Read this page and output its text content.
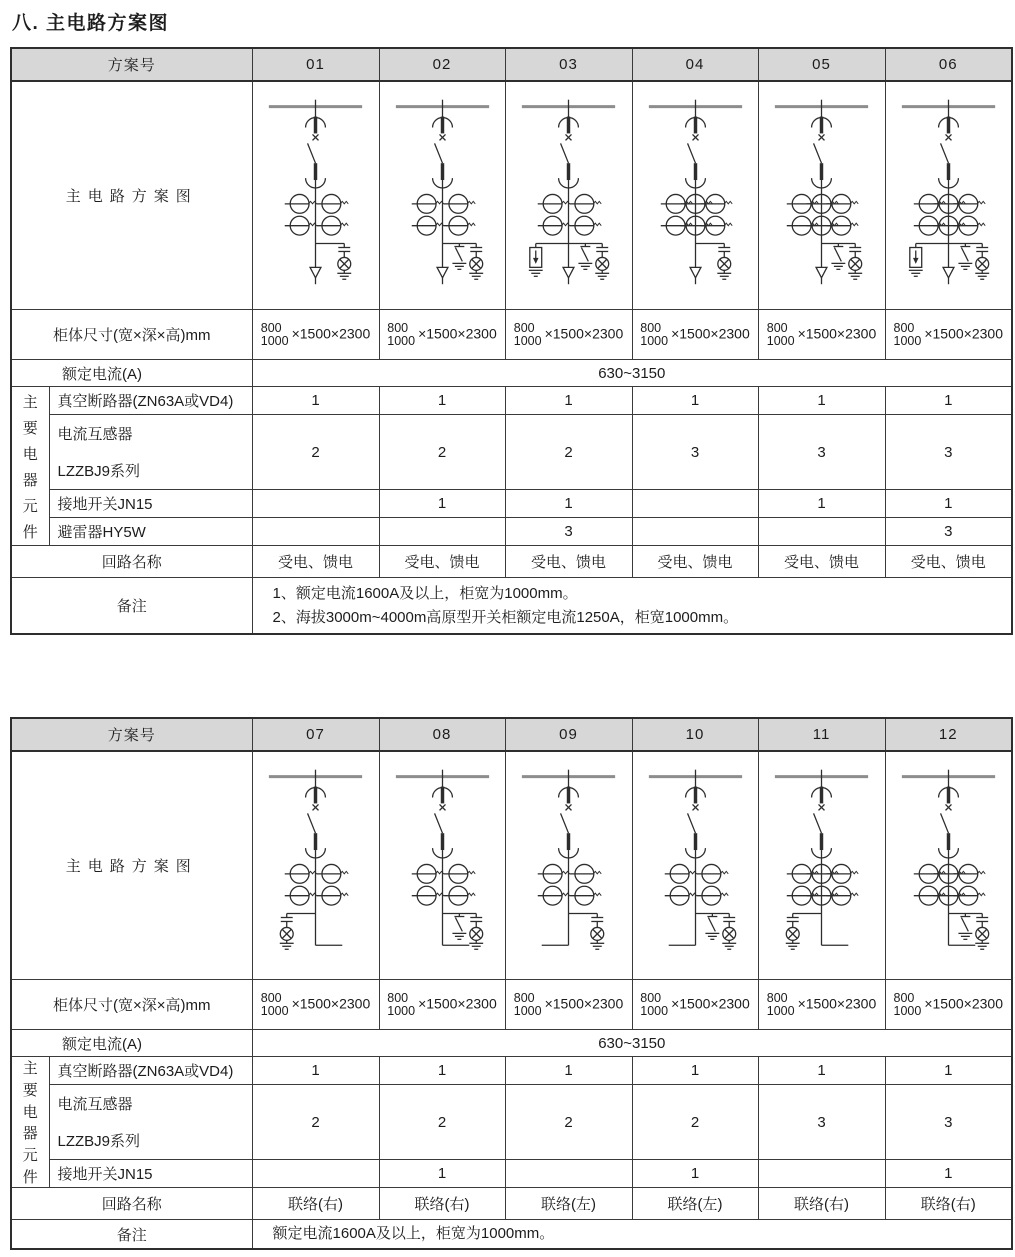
八. 主电路方案图
方案号		01	02	03	04	05	06
主电路方案图	

柜体尺寸(宽×深×高)mm		800
1000 ×1500×2300	800
1000 ×1500×2300	800
1000 ×1500×2300	800
1000 ×1500×2300	800
1000 ×1500×2300	800
1000 ×1500×2300
额定电流(A)		630~3150					

主
要
电
器
元
件
	真空断路器(ZN63A或VD4)	1	1	1	1	1	1

	电流互感器
LZZBJ9系列	2	2	2	3	3	3
	接地开关JN15		1	1		1	1
	避雷器HY5W			3			3
回路名称		受电、馈电	受电、馈电	受电、馈电	受电、馈电	受电、馈电	受电、馈电
备注		1、额定电流1600A及以上，柜宽为1000mm。
2、海拔3000m~4000m高原型开关柜额定电流1250A，柜宽1000mm。					
方案号		07	08	09	10	11	12
主电路方案图	

柜体尺寸(宽×深×高)mm		800
1000 ×1500×2300	800
1000 ×1500×2300	800
1000 ×1500×2300	800
1000 ×1500×2300	800
1000 ×1500×2300	800
1000 ×1500×2300
额定电流(A)		630~3150					

主
要
电
器
元
件
	真空断路器(ZN63A或VD4)	1	1	1	1	1	1

	电流互感器
LZZBJ9系列	2	2	2	2	3	3
	接地开关JN15		1		1		1
回路名称		联络(右)	联络(右)	联络(左)	联络(左)	联络(右)	联络(右)
备注		额定电流1600A及以上，柜宽为1000mm。					
